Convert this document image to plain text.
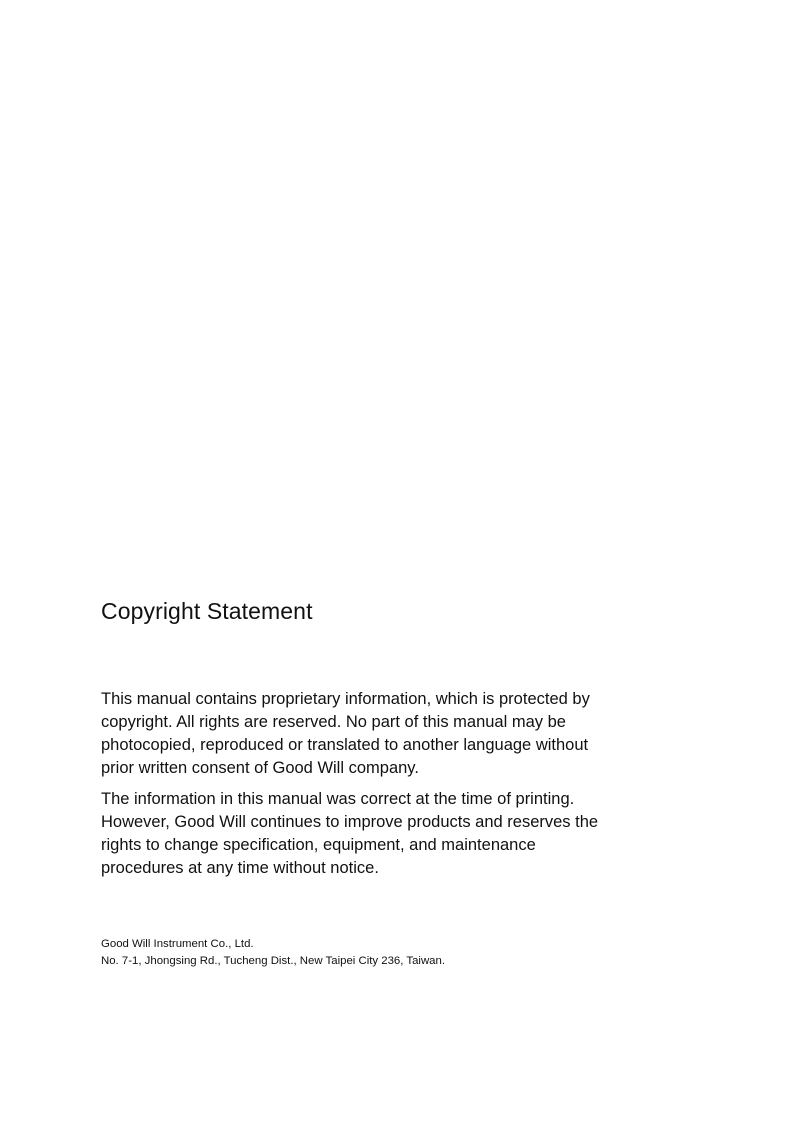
Copyright Statement

This manual contains proprietary information, which is protected by
copyright. All rights are reserved. No part of this manual may be
photocopied, reproduced or translated to another language without
prior written consent of Good Will company.

The information in this manual was correct at the time of printing.
However, Good Will continues to improve products and reserves the
rights to change specification, equipment, and maintenance
procedures at any time without notice.

Good Will Instrument Co., Ltd.
No. 7-1, Jhongsing Rd., Tucheng Dist., New Taipei City 236, Taiwan.
